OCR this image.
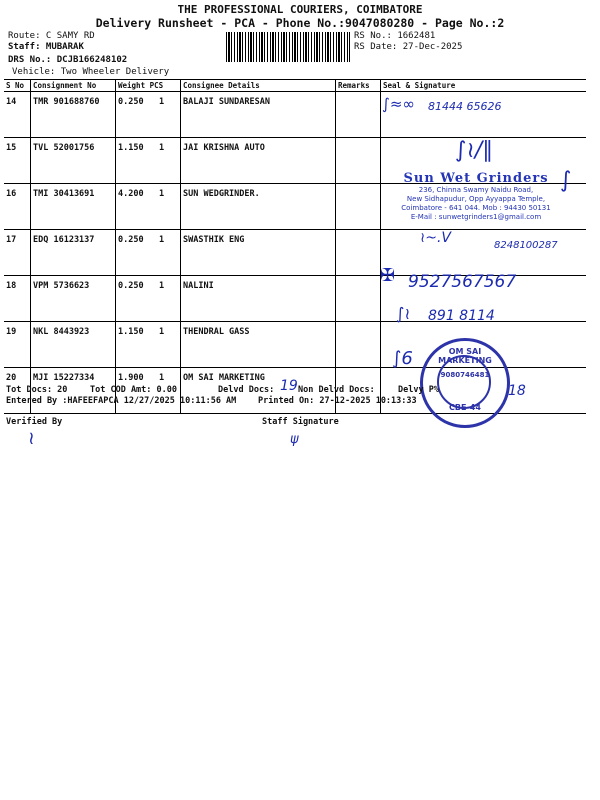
THE PROFESSIONAL COURIERS, COIMBATORE
Delivery Runsheet - PCA - Phone No.:9047080280 - Page No.:2
Route: C SAMY RD
Staff: MUBARAK
DRS No.: DCJB166248102
Vehicle: Two Wheeler Delivery
RS No.: 1662481
RS Date: 27-Dec-2025
S No	Consignment No	Weight PCS	Consignee Details	Remarks	Seal & Signature
14	TMR 901688760	0.250 1	BALAJI SUNDARESAN		
15	TVL 52001756	1.150 1	JAI KRISHNA AUTO		
16	TMI 30413691	4.200 1	SUN WEDGRINDER.		
17	EDQ 16123137	0.250 1	SWASTHIK ENG		
18	VPM 5736623	0.250 1	NALINI		
19	NKL 8443923	1.150 1	THENDRAL GASS		
20	MJI 15227334	1.900 1	OM SAI MARKETING		
∫≈∞ 81444 65626
∫≀/∥
Sun Wet Grinders
236, Chinna Swamy Naidu Road,
New Sidhapudur, Opp Ayyappa Temple,
Coimbatore - 641 044. Mob : 94430 50131
E-Mail : sunwetgrinders1@gmail.com
∫
≀~.V	8248100287
✠ 9527567567
∫≀ 891 8114
∫6	OM SAI MARKETING
9080746481
CBE-44
Tot Docs: 20	Tot COD Amt: 0.00	Delvd Docs: 19 Non Delvd Docs:	Delvy P%	18
Entered By :HAFEEFAPCA 12/27/2025 10:11:56 AM	Printed On: 27-12-2025 10:13:33
Verified By	Staff Signature
≀	ψ
